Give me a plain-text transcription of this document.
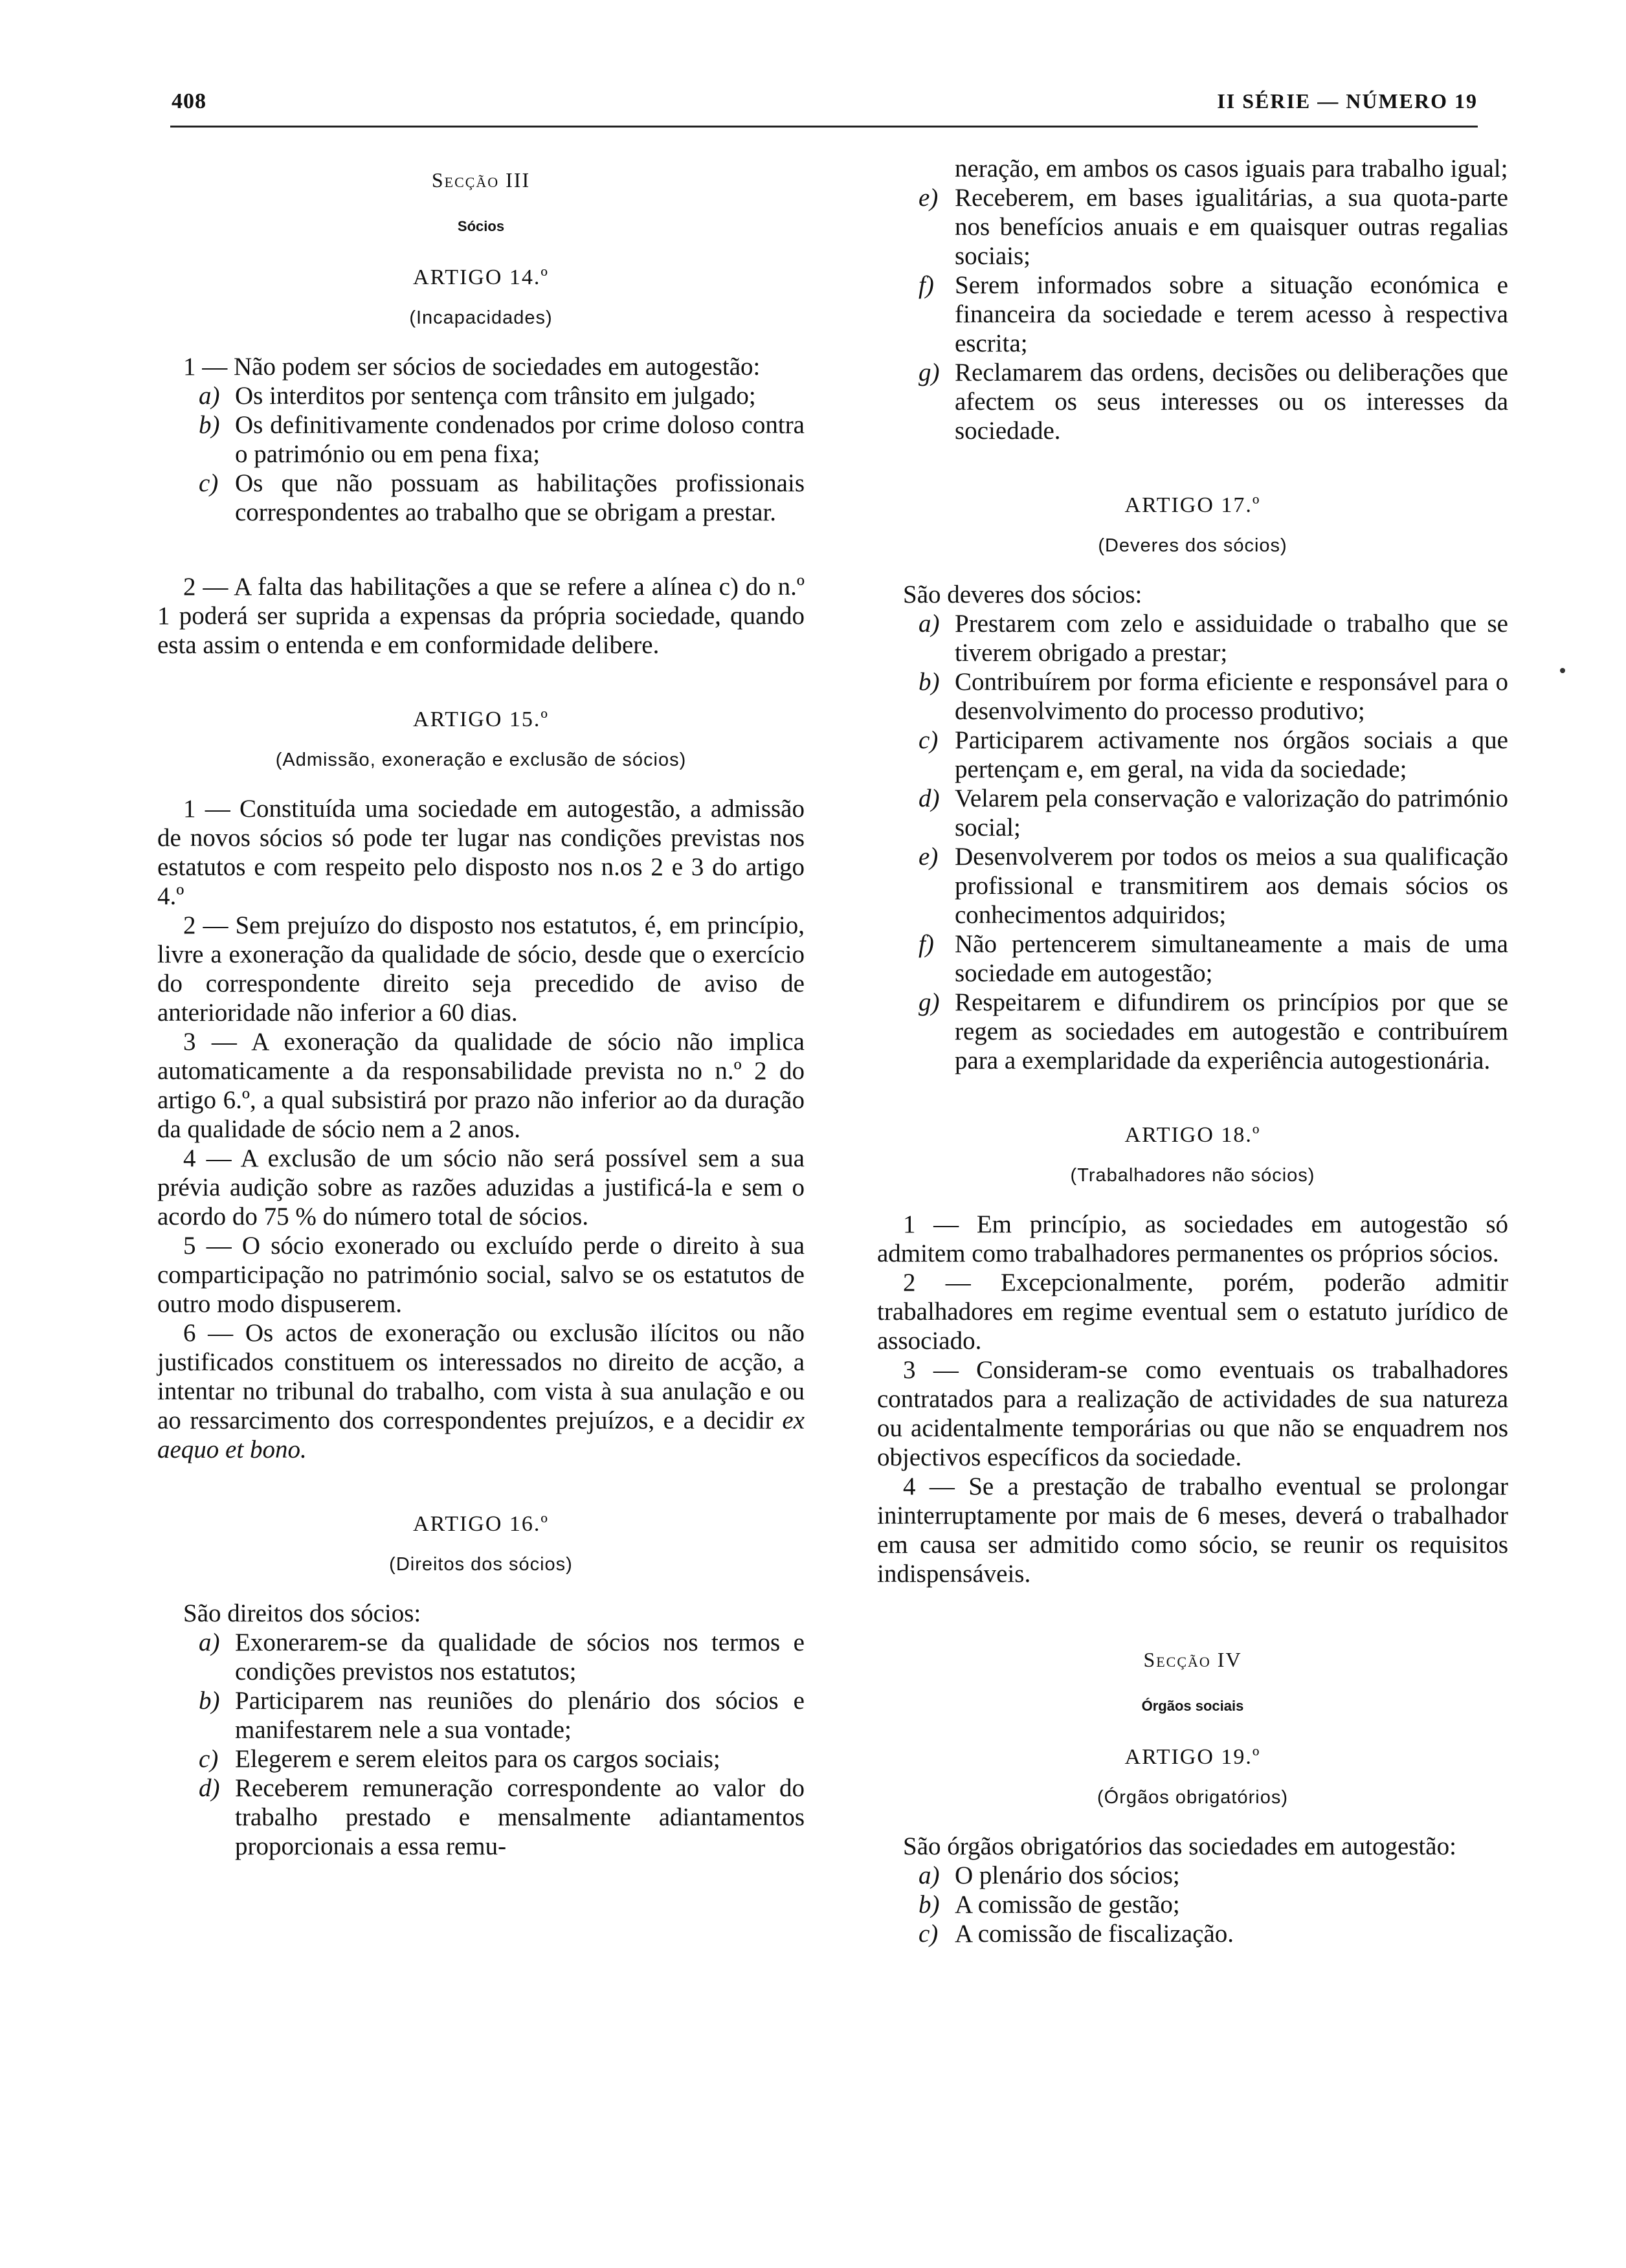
408	II SÉRIE — NÚMERO 19
Secção III
Sócios
ARTIGO 14.º
(Incapacidades)

1 — Não podem ser sócios de sociedades em autogestão:

a) Os interditos por sentença com trânsito em julgado;

b) Os definitivamente condenados por crime doloso contra o património ou em pena fixa;

c) Os que não possuam as habilitações profissionais correspondentes ao trabalho que se obrigam a prestar.

2 — A falta das habilitações a que se refere a alínea c) do n.º 1 poderá ser suprida a expensas da própria sociedade, quando esta assim o entenda e em conformidade delibere.

ARTIGO 15.º
(Admissão, exoneração e exclusão de sócios)

1 — Constituída uma sociedade em autogestão, a admissão de novos sócios só pode ter lugar nas condições previstas nos estatutos e com respeito pelo disposto nos n.os 2 e 3 do artigo 4.º

2 — Sem prejuízo do disposto nos estatutos, é, em princípio, livre a exoneração da qualidade de sócio, desde que o exercício do correspondente direito seja precedido de aviso de anterioridade não inferior a 60 dias.

3 — A exoneração da qualidade de sócio não implica automaticamente a da responsabilidade prevista no n.º 2 do artigo 6.º, a qual subsistirá por prazo não inferior ao da duração da qualidade de sócio nem a 2 anos.

4 — A exclusão de um sócio não será possível sem a sua prévia audição sobre as razões aduzidas a justificá-la e sem o acordo do 75 % do número total de sócios.

5 — O sócio exonerado ou excluído perde o direito à sua comparticipação no património social, salvo se os estatutos de outro modo dispuserem.

6 — Os actos de exoneração ou exclusão ilícitos ou não justificados constituem os interessados no direito de acção, a intentar no tribunal do trabalho, com vista à sua anulação e ou ao ressarcimento dos correspondentes prejuízos, e a decidir ex aequo et bono.

ARTIGO 16.º
(Direitos dos sócios)

São direitos dos sócios:

a) Exonerarem-se da qualidade de sócios nos termos e condições previstos nos estatutos;

b) Participarem nas reuniões do plenário dos sócios e manifestarem nele a sua vontade;

c) Elegerem e serem eleitos para os cargos sociais;

d) Receberem remuneração correspondente ao valor do trabalho prestado e mensalmente adiantamentos proporcionais a essa remu-

neração, em ambos os casos iguais para trabalho igual;

e) Receberem, em bases igualitárias, a sua quota-parte nos benefícios anuais e em quaisquer outras regalias sociais;

f) Serem informados sobre a situação económica e financeira da sociedade e terem acesso à respectiva escrita;

g) Reclamarem das ordens, decisões ou deliberações que afectem os seus interesses ou os interesses da sociedade.

ARTIGO 17.º
(Deveres dos sócios)

São deveres dos sócios:

a) Prestarem com zelo e assiduidade o trabalho que se tiverem obrigado a prestar;

b) Contribuírem por forma eficiente e responsável para o desenvolvimento do processo produtivo;

c) Participarem activamente nos órgãos sociais a que pertençam e, em geral, na vida da sociedade;

d) Velarem pela conservação e valorização do património social;

e) Desenvolverem por todos os meios a sua qualificação profissional e transmitirem aos demais sócios os conhecimentos adquiridos;

f) Não pertencerem simultaneamente a mais de uma sociedade em autogestão;

g) Respeitarem e difundirem os princípios por que se regem as sociedades em autogestão e contribuírem para a exemplaridade da experiência autogestionária.

ARTIGO 18.º
(Trabalhadores não sócios)

1 — Em princípio, as sociedades em autogestão só admitem como trabalhadores permanentes os próprios sócios.

2 — Excepcionalmente, porém, poderão admitir trabalhadores em regime eventual sem o estatuto jurídico de associado.

3 — Consideram-se como eventuais os trabalhadores contratados para a realização de actividades de sua natureza ou acidentalmente temporárias ou que não se enquadrem nos objectivos específicos da sociedade.

4 — Se a prestação de trabalho eventual se prolongar ininterruptamente por mais de 6 meses, deverá o trabalhador em causa ser admitido como sócio, se reunir os requisitos indispensáveis.

Secção IV
Órgãos sociais
ARTIGO 19.º
(Órgãos obrigatórios)

São órgãos obrigatórios das sociedades em autogestão:

a) O plenário dos sócios;

b) A comissão de gestão;

c) A comissão de fiscalização.
